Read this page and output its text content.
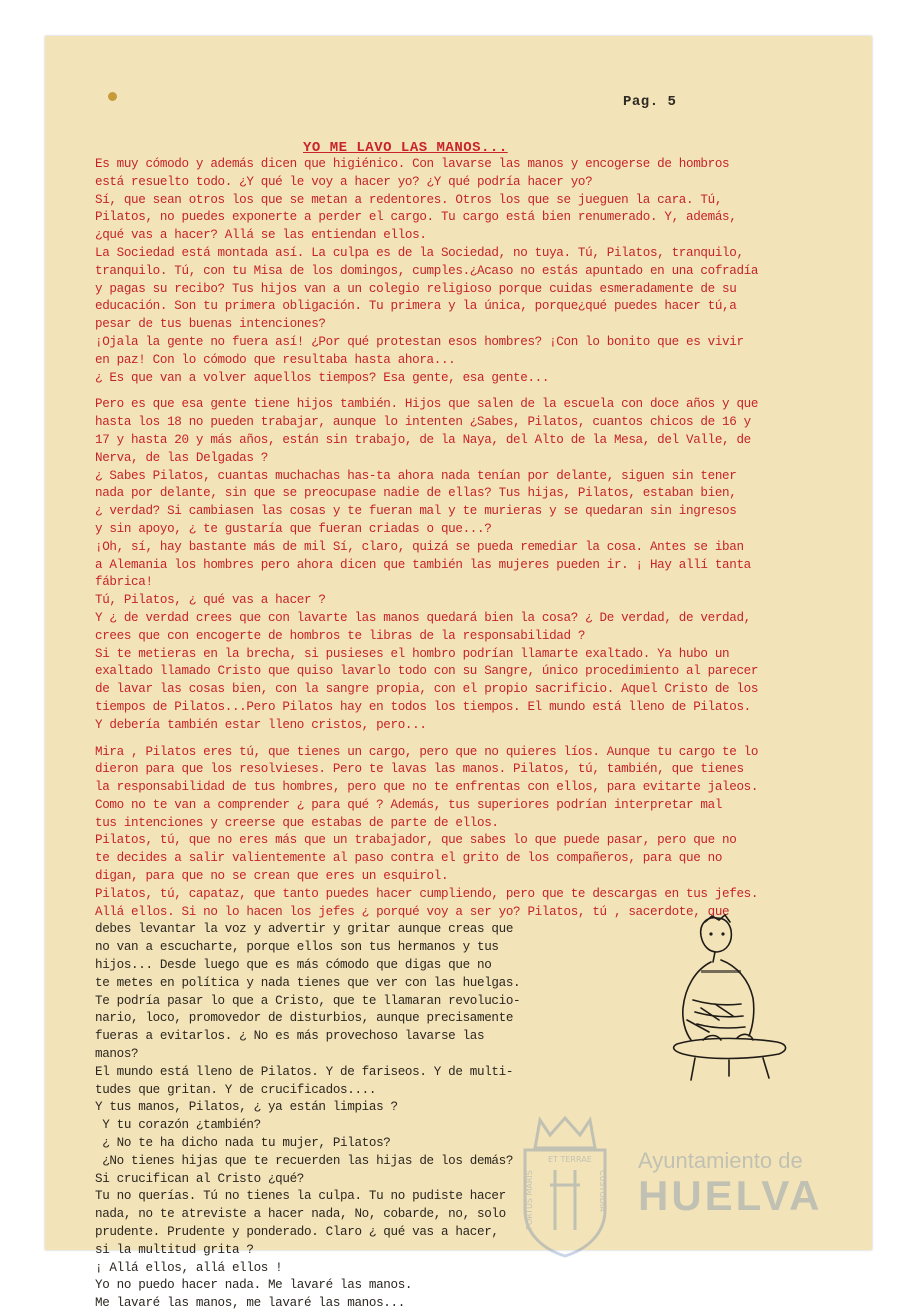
Pag. 5
YO ME LAVO LAS MANOS...
Es muy cómodo y además dicen que higiénico. Con lavarse las manos y encogerse de hombros
está resuelto todo. ¿Y qué le voy a hacer yo? ¿Y qué podría hacer yo?
Sí, que sean otros los que se metan a redentores. Otros los que se jueguen la cara. Tú,
Pilatos, no puedes exponerte a perder el cargo. Tu cargo está bien renumerado. Y, además,
¿qué vas a hacer? Allá se las entiendan ellos.
La Sociedad está montada así. La culpa es de la Sociedad, no tuya. Tú, Pilatos, tranquilo,
tranquilo. Tú, con tu Misa de los domingos, cumples.¿Acaso no estás apuntado en una cofradía
y pagas su recibo? Tus hijos van a un colegio religioso porque cuidas esmeradamente de su
educación. Son tu primera obligación. Tu primera y la única, porque¿qué puedes hacer tú,a
pesar de tus buenas intenciones?
¡Ojala la gente no fuera así! ¿Por qué protestan esos hombres? ¡Con lo bonito que es vivir
en paz! Con lo cómodo que resultaba hasta ahora...
¿ Es que van a volver aquellos tiempos? Esa gente, esa gente...
Pero es que esa gente tiene hijos también. Hijos que salen de la escuela con doce años y que
hasta los 18 no pueden trabajar, aunque lo intenten ¿Sabes, Pilatos, cuantos chicos de 16 y
17 y hasta 20 y más años, están sin trabajo, de la Naya, del Alto de la Mesa, del Valle, de
Nerva, de las Delgadas ?
¿ Sabes Pilatos, cuantas muchachas has-ta ahora nada tenían por delante, siguen sin tener
nada por delante, sin que se preocupase nadie de ellas? Tus hijas, Pilatos, estaban bien,
¿ verdad? Si cambiasen las cosas y te fueran mal y te murieras y se quedaran sin ingresos
y sin apoyo, ¿ te gustaría que fueran criadas o que...?
¡Oh, sí, hay bastante más de mil Sí, claro, quizá se pueda remediar la cosa. Antes se iban
a Alemania los hombres pero ahora dicen que también las mujeres pueden ir. ¡ Hay allí tanta
fábrica!
Tú, Pilatos, ¿ qué vas a hacer ?
Y ¿ de verdad crees que con lavarte las manos quedará bien la cosa? ¿ De verdad, de verdad,
crees que con encogerte de hombros te libras de la responsabilidad ?
Si te metieras en la brecha, si pusieses el hombro podrían llamarte exaltado. Ya hubo un
exaltado llamado Cristo que quiso lavarlo todo con su Sangre, único procedimiento al parecer
de lavar las cosas bien, con la sangre propia, con el propio sacrificio. Aquel Cristo de los
tiempos de Pilatos...Pero Pilatos hay en todos los tiempos. El mundo está lleno de Pilatos.
Y debería también estar lleno cristos, pero...
Mira , Pilatos eres tú, que tienes un cargo, pero que no quieres líos. Aunque tu cargo te lo
dieron para que los resolvieses. Pero te lavas las manos. Pilatos, tú, también, que tienes
la responsabilidad de tus hombres, pero que no te enfrentas con ellos, para evitarte jaleos.
Como no te van a comprender ¿ para qué ? Además, tus superiores podrían interpretar mal
tus intenciones y creerse que estabas de parte de ellos.
Pilatos, tú, que no eres más que un trabajador, que sabes lo que puede pasar, pero que no
te decides a salir valientemente al paso contra el grito de los compañeros, para que no
digan, para que no se crean que eres un esquirol.
Pilatos, tú, capataz, que tanto puedes hacer cumpliendo, pero que te descargas en tus jefes.
Allá ellos. Si no lo hacen los jefes ¿ porqué voy a ser yo? Pilatos, tú , sacerdote, que
debes levantar la voz y advertir y gritar aunque creas que
no van a escucharte, porque ellos son tus hermanos y tus
hijos... Desde luego que es más cómodo que digas que no
te metes en política y nada tienes que ver con las huelgas.
Te podría pasar lo que a Cristo, que te llamaran revolucio-
nario, loco, promovedor de disturbios, aunque precisamente
fueras a evitarlos. ¿ No es más provechoso lavarse las
manos?
El mundo está lleno de Pilatos. Y de fariseos. Y de multi-
tudes que gritan. Y de crucificados....
Y tus manos, Pilatos, ¿ ya están limpias ?
Y tu corazón ¿también?
¿ No te ha dicho nada tu mujer, Pilatos?
¿No tienes hijas que te recuerden las hijas de los demás?
Si crucifican al Cristo ¿qué?
Tu no querías. Tú no tienes la culpa. Tu no pudiste hacer
nada, no te atreviste a hacer nada, No, cobarde, no, solo
prudente. Prudente y ponderado. Claro ¿ qué vas a hacer,
si la multitud grita ?
¡ Allá ellos, allá ellos !
Yo no puedo hacer nada. Me lavaré las manos.
Me lavaré las manos, me lavaré las manos...
PORTUS MARIS
ET TERRAE
CUSTODIA
Ayuntamiento de
HUELVA
